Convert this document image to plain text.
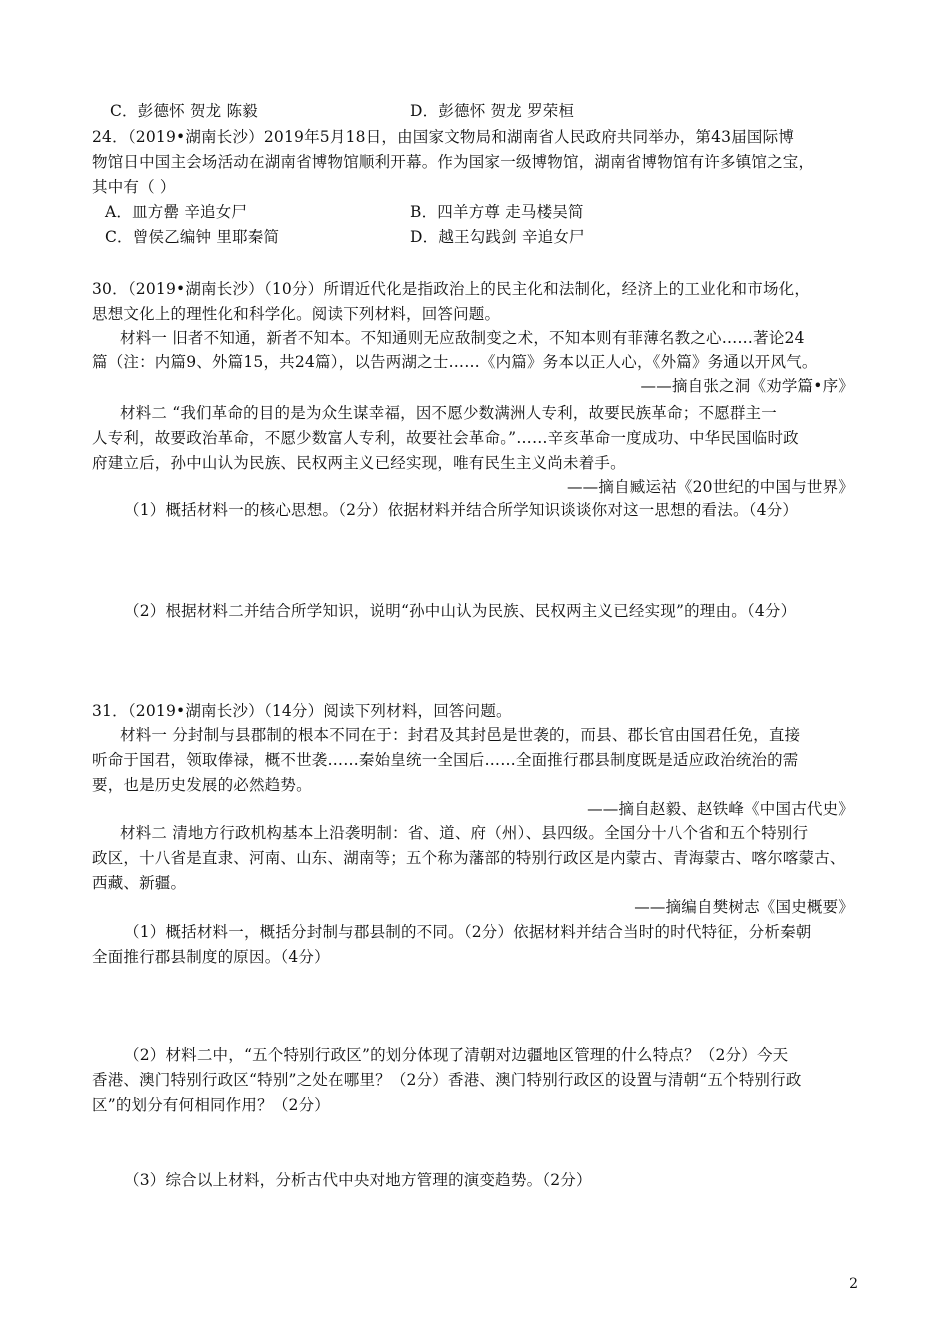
C．彭德怀 贺龙 陈毅	D．彭德怀 贺龙 罗荣桓
24．（2019•湖南长沙）2019年5月18日，由国家文物局和湖南省人民政府共同举办，第43届国际博
物馆日中国主会场活动在湖南省博物馆顺利开幕。作为国家一级博物馆，湖南省博物馆有许多镇馆之宝，
其中有（ ）
A．皿方罍 辛追女尸	B．四羊方尊 走马楼吴简
C．曾侯乙编钟 里耶秦简	D．越王勾践剑 辛追女尸
30．（2019•湖南长沙）（10分）所谓近代化是指政治上的民主化和法制化，经济上的工业化和市场化，
思想文化上的理性化和科学化。阅读下列材料，回答问题。
材料一 旧者不知通，新者不知本。不知通则无应敌制变之术，不知本则有菲薄名教之心……著论24
篇（注：内篇9、外篇15，共24篇），以告两湖之士……《内篇》务本以正人心，《外篇》务通以开风气。
——摘自张之洞《劝学篇•序》
材料二 “我们革命的目的是为众生谋幸福，因不愿少数满洲人专利，故要民族革命；不愿群主一
人专利，故要政治革命，不愿少数富人专利，故要社会革命。”……辛亥革命一度成功、中华民国临时政
府建立后，孙中山认为民族、民权两主义已经实现，唯有民生主义尚未着手。
——摘自臧运祜《20世纪的中国与世界》
（1）概括材料一的核心思想。（2分）依据材料并结合所学知识谈谈你对这一思想的看法。（4分）
（2）根据材料二并结合所学知识，说明“孙中山认为民族、民权两主义已经实现”的理由。（4分）
31．（2019•湖南长沙）（14分）阅读下列材料，回答问题。
材料一 分封制与县郡制的根本不同在于：封君及其封邑是世袭的，而县、郡长官由国君任免，直接
听命于国君，领取俸禄，概不世袭……秦始皇统一全国后……全面推行郡县制度既是适应政治统治的需
要，也是历史发展的必然趋势。
——摘自赵毅、赵铁峰《中国古代史》
材料二 清地方行政机构基本上沿袭明制：省、道、府（州）、县四级。全国分十八个省和五个特别行
政区，十八省是直隶、河南、山东、湖南等；五个称为藩部的特别行政区是内蒙古、青海蒙古、喀尔喀蒙古、
西藏、新疆。
——摘编自樊树志《国史概要》
（1）概括材料一，概括分封制与郡县制的不同。（2分）依据材料并结合当时的时代特征，分析秦朝
全面推行郡县制度的原因。（4分）
（2）材料二中，“五个特别行政区”的划分体现了清朝对边疆地区管理的什么特点？（2分）今天
香港、澳门特别行政区“特别”之处在哪里？（2分）香港、澳门特别行政区的设置与清朝“五个特别行政
区”的划分有何相同作用？（2分）
（3）综合以上材料，分析古代中央对地方管理的演变趋势。（2分）
2
